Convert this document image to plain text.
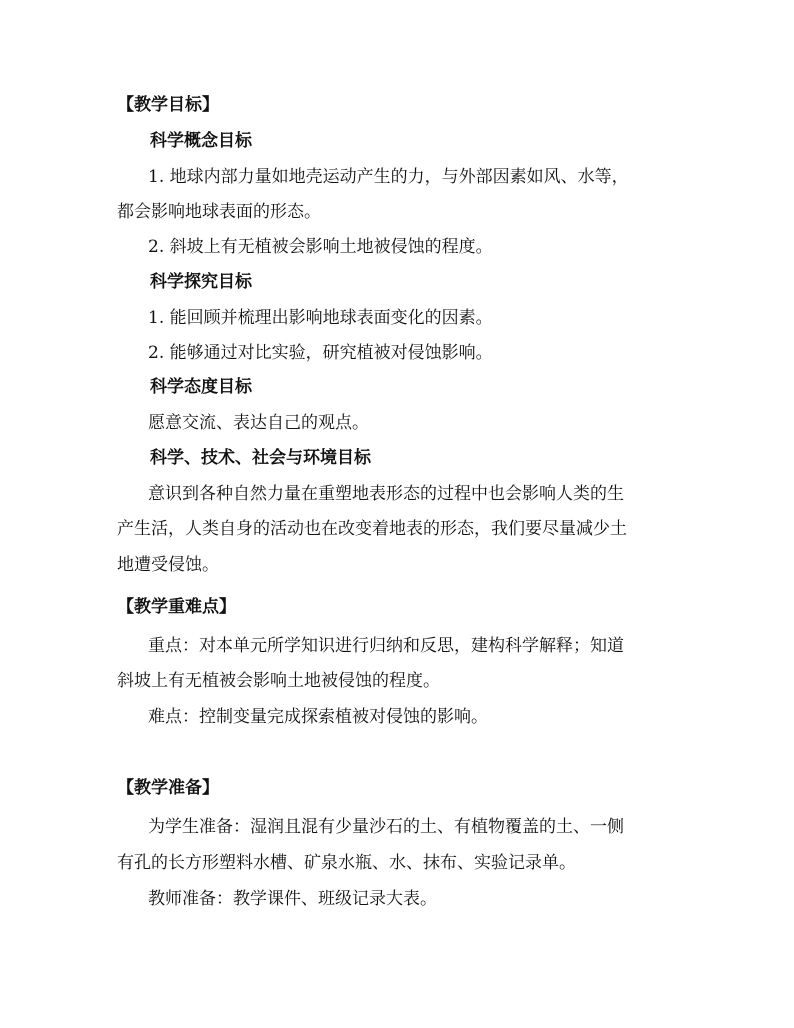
【教学目标】
科学概念目标
1. 地球内部力量如地壳运动产生的力，与外部因素如风、水等，
都会影响地球表面的形态。
2. 斜坡上有无植被会影响土地被侵蚀的程度。
科学探究目标
1. 能回顾并梳理出影响地球表面变化的因素。
2. 能够通过对比实验，研究植被对侵蚀影响。
科学态度目标
愿意交流、表达自己的观点。
科学、技术、社会与环境目标
意识到各种自然力量在重塑地表形态的过程中也会影响人类的生
产生活，人类自身的活动也在改变着地表的形态，我们要尽量减少土
地遭受侵蚀。
【教学重难点】
重点：对本单元所学知识进行归纳和反思，建构科学解释；知道
斜坡上有无植被会影响土地被侵蚀的程度。
难点：控制变量完成探索植被对侵蚀的影响。
【教学准备】
为学生准备：湿润且混有少量沙石的土、有植物覆盖的土、一侧
有孔的长方形塑料水槽、矿泉水瓶、水、抹布、实验记录单。
教师准备：教学课件、班级记录大表。
